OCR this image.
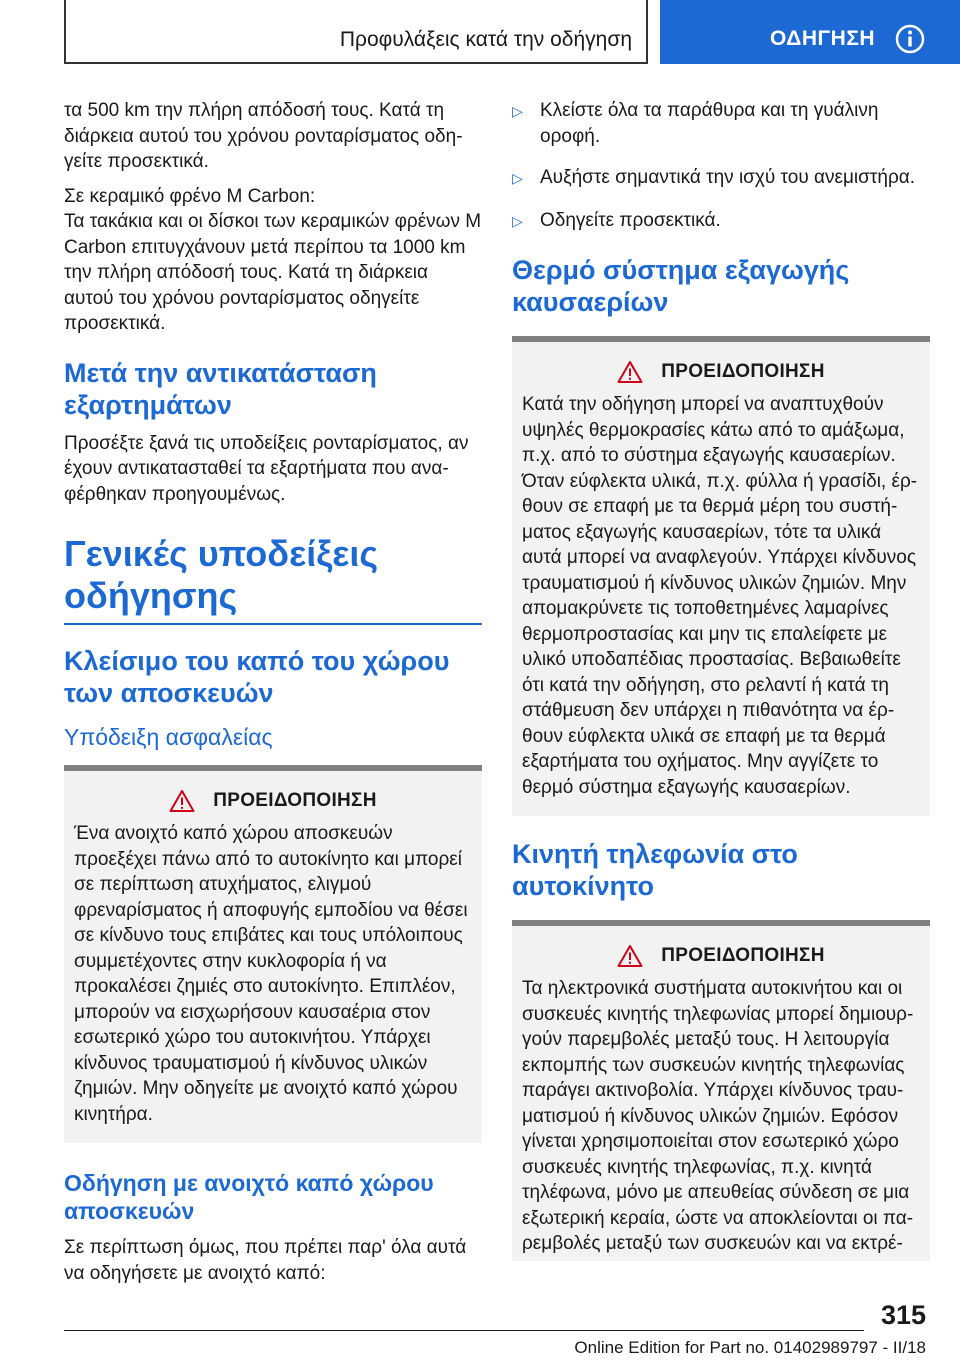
Προφυλάξεις κατά την οδήγηση	ΟΔΗΓΗΣΗ

τα 500 km την πλήρη απόδοσή τους. Κατά τη διάρκεια αυτού του χρόνου ρονταρίσματος οδηγείτε προσεκτικά.

Σε κεραμικό φρένο M Carbon:

Τα τακάκια και οι δίσκοι των κεραμικών φρένων M Carbon επιτυγχάνουν μετά περίπου τα 1000 km την πλήρη απόδοσή τους. Κατά τη διάρκεια αυτού του χρόνου ρονταρίσματος οδηγείτε προσεκτικά.

Μετά την αντικατάσταση εξαρτημάτων

Προσέξτε ξανά τις υποδείξεις ρονταρίσματος, αν έχουν αντικατασταθεί τα εξαρτήματα που αναφέρθηκαν προηγουμένως.

Γενικές υποδείξεις οδήγησης
Κλείσιμο του καπό του χώρου των αποσκευών
Υπόδειξη ασφαλείας
ΠΡΟΕΙΔΟΠΟΙΗΣΗ

Ένα ανοιχτό καπό χώρου αποσκευών προεξέχει πάνω από το αυτοκίνητο και μπορεί σε περίπτωση ατυχήματος, ελιγμού φρεναρίσματος ή αποφυγής εμποδίου να θέσει σε κίνδυνο τους επιβάτες και τους υπόλοιπους συμμετέχοντες στην κυκλοφορία ή να προκαλέσει ζημιές στο αυτοκίνητο. Επιπλέον, μπορούν να εισχωρήσουν καυσαέρια στον εσωτερικό χώρο του αυτοκινήτου. Υπάρχει κίνδυνος τραυματισμού ή κίνδυνος υλικών ζημιών. Μην οδηγείτε με ανοιχτό καπό χώρου κινητήρα.

Οδήγηση με ανοιχτό καπό χώρου αποσκευών

Σε περίπτωση όμως, που πρέπει παρ' όλα αυτά να οδηγήσετε με ανοιχτό καπό:

▷ Κλείστε όλα τα παράθυρα και τη γυάλινη οροφή.
▷ Αυξήστε σημαντικά την ισχύ του ανεμιστήρα.
▷ Οδηγείτε προσεκτικά.
Θερμό σύστημα εξαγωγής καυσαερίων
ΠΡΟΕΙΔΟΠΟΙΗΣΗ

Κατά την οδήγηση μπορεί να αναπτυχθούν υψηλές θερμοκρασίες κάτω από το αμάξωμα, π.χ. από το σύστημα εξαγωγής καυσαερίων. Όταν εύφλεκτα υλικά, π.χ. φύλλα ή γρασίδι, έρθουν σε επαφή με τα θερμά μέρη του συστήματος εξαγωγής καυσαερίων, τότε τα υλικά αυτά μπορεί να αναφλεγούν. Υπάρχει κίνδυνος τραυματισμού ή κίνδυνος υλικών ζημιών. Μην απομακρύνετε τις τοποθετημένες λαμαρίνες θερμοπροστασίας και μην τις επαλείφετε με υλικό υποδαπέδιας προστασίας. Βεβαιωθείτε ότι κατά την οδήγηση, στο ρελαντί ή κατά τη στάθμευση δεν υπάρχει η πιθανότητα να έρθουν εύφλεκτα υλικά σε επαφή με τα θερμά εξαρτήματα του οχήματος. Μην αγγίζετε το θερμό σύστημα εξαγωγής καυσαερίων.

Κινητή τηλεφωνία στο αυτοκίνητο
ΠΡΟΕΙΔΟΠΟΙΗΣΗ

Τα ηλεκτρονικά συστήματα αυτοκινήτου και οι συσκευές κινητής τηλεφωνίας μπορεί δημιουργούν παρεμβολές μεταξύ τους. Η λειτουργία εκπομπής των συσκευών κινητής τηλεφωνίας παράγει ακτινοβολία. Υπάρχει κίνδυνος τραυματισμού ή κίνδυνος υλικών ζημιών. Εφόσον γίνεται χρησιμοποιείται στον εσωτερικό χώρο συσκευές κινητής τηλεφωνίας, π.χ. κινητά τηλέφωνα, μόνο με απευθείας σύνδεση σε μια εξωτερική κεραία, ώστε να αποκλείονται οι παρεμβολές μεταξύ των συσκευών και να εκτρέ-

315
Online Edition for Part no. 01402989797 - II/18
